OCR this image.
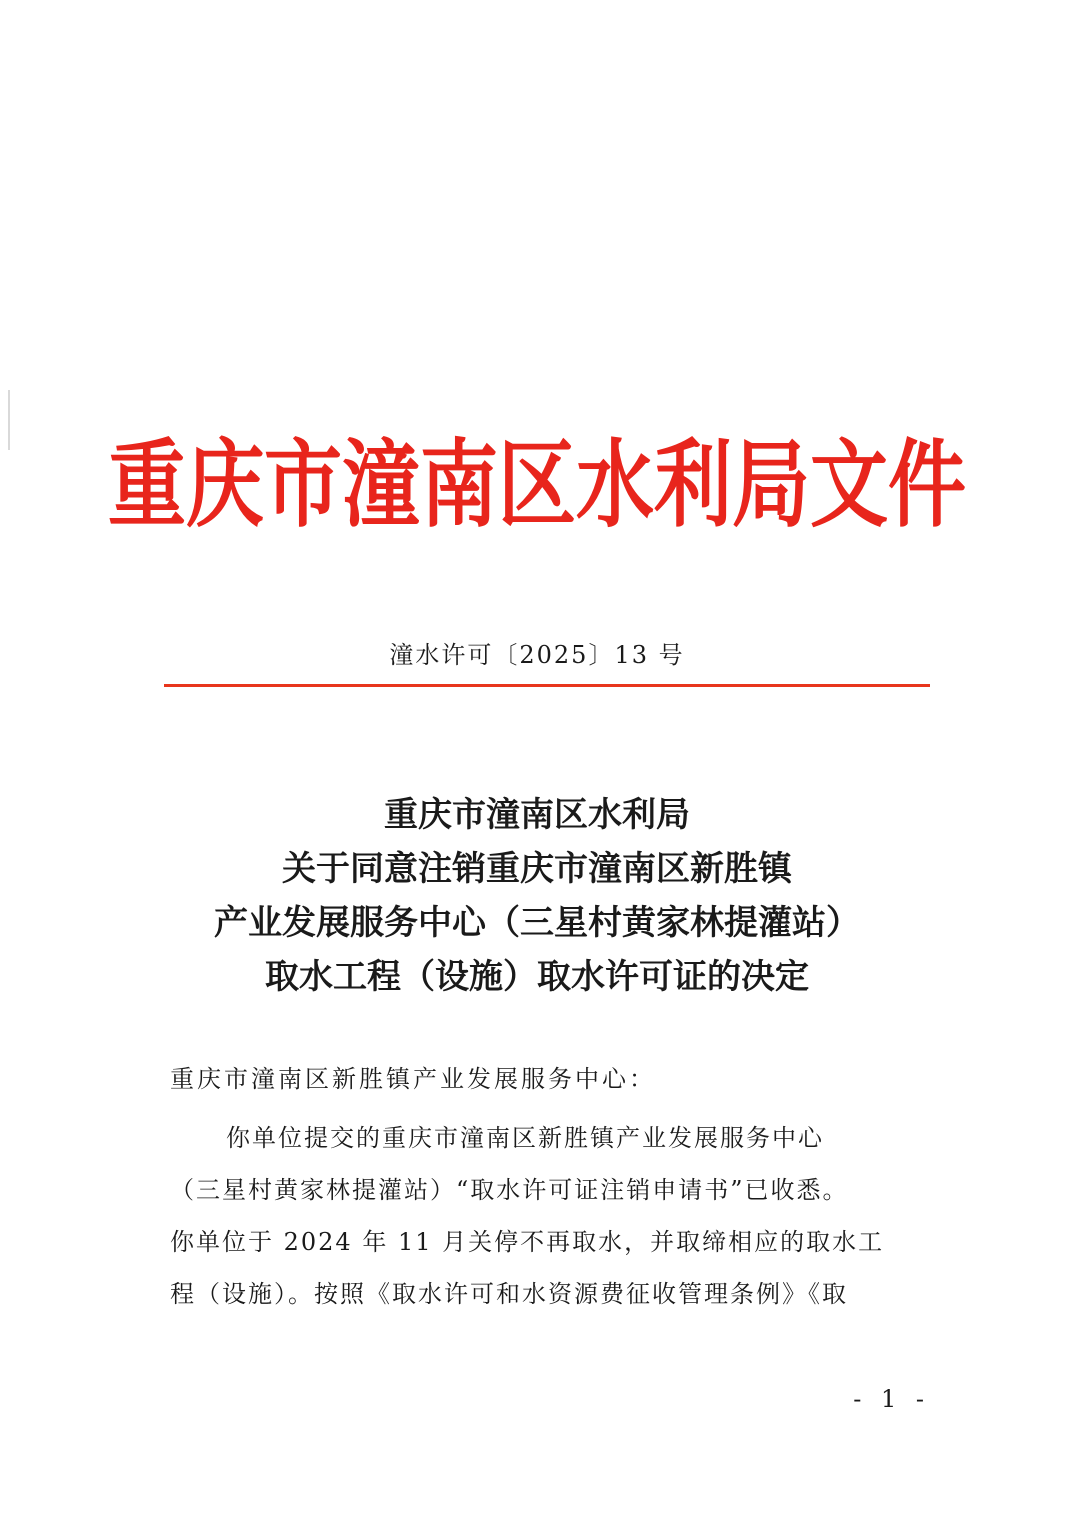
重庆市潼南区水利局文件
潼水许可〔2025〕13 号
重庆市潼南区水利局
关于同意注销重庆市潼南区新胜镇
产业发展服务中心（三星村黄家林提灌站）
取水工程（设施）取水许可证的决定
重庆市潼南区新胜镇产业发展服务中心：
你单位提交的重庆市潼南区新胜镇产业发展服务中心
（三星村黄家林提灌站）“取水许可证注销申请书”已收悉。
你单位于 2024 年 11 月关停不再取水，并取缔相应的取水工
程（设施）。按照《取水许可和水资源费征收管理条例》《取
- 1 -
